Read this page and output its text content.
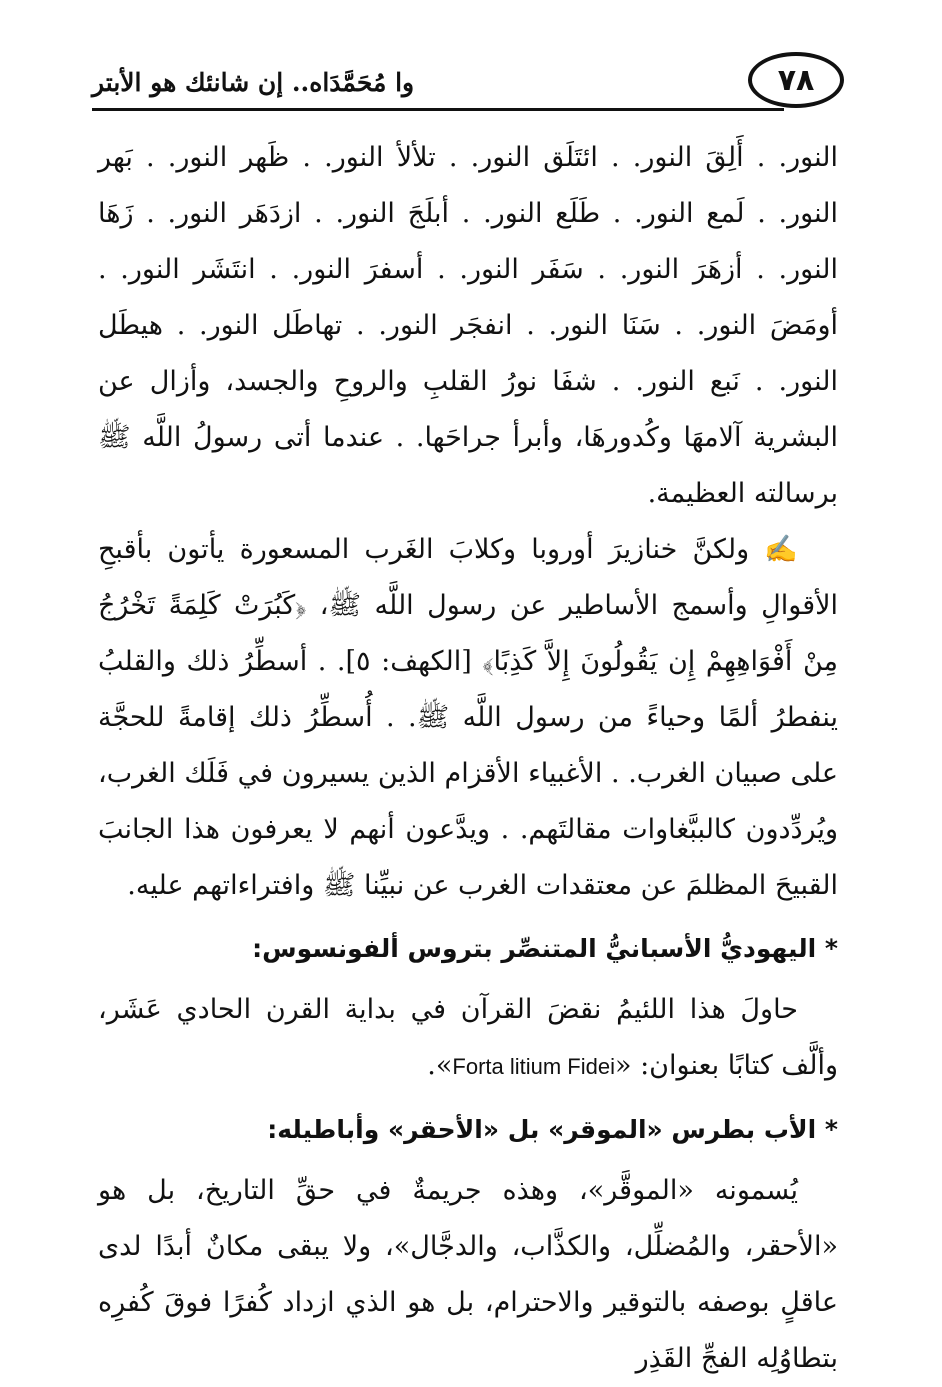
٧٨
وا مُحَمَّدَاه.. إن شانئك هو الأبتر

النور. . أَلِقَ النور. . ائتَلَق النور. . تلألأ النور. . ظَهر النور. . بَهر النور. . لَمع النور. . طَلَع النور. . أبلَجَ النور. . ازدَهَر النور. . زَهَا النور. . أزهَرَ النور. . سَفَر النور. . أسفرَ النور. . انتَشَر النور. . أومَضَ النور. . سَنَا النور. . انفجَر النور. . تهاطَل النور. . هيطَل النور. . نَبع النور. . شفَا نورُ القلبِ والروحِ والجسد، وأزال عن البشرية آلامهَا وكُدورهَا، وأبرأ جراحَها. . عندما أتى رسولُ اللَّه ﷺ برسالته العظيمة.

✍ ولكنَّ خنازيرَ أوروبا وكلابَ الغَرب المسعورة يأتون بأقبحِ الأقوالِ وأسمج الأساطير عن رسول اللَّه ﷺ، ﴿كَبُرَتْ كَلِمَةً تَخْرُجُ مِنْ أَفْوَاهِهِمْ إِن يَقُولُونَ إِلاَّ كَذِبًا﴾ [الكهف: ٥]. . أسطِّرُ ذلك والقلبُ ينفطرُ ألمًا وحياءً من رسول اللَّه ﷺ. . أُسطِّرُ ذلك إقامةً للحجَّة على صبيان الغرب. . الأغبياء الأقزام الذين يسيرون في فَلَك الغرب، ويُردِّدون كالببَّغاوات مقالتَهم. . ويدَّعون أنهم لا يعرفون هذا الجانبَ القبيحَ المظلمَ عن معتقدات الغرب عن نبيِّنا ﷺ وافتراءاتهم عليه.

* اليهوديُّ الأسبانيُّ المتنصِّر بتروس ألفونسوس:

حاولَ هذا اللئيمُ نقضَ القرآن في بداية القرن الحادي عَشَر، وألَّف كتابًا بعنوان: «Forta litium Fidei».

* الأب بطرس «الموقر» بل «الأحقر» وأباطيله:

يُسمونه «الموقَّر»، وهذه جريمةٌ في حقِّ التاريخ، بل هو «الأحقر، والمُضلِّل، والكذَّاب، والدجَّال»، ولا يبقى مكانٌ أبدًا لدى عاقلٍ بوصفه بالتوقير والاحترام، بل هو الذي ازداد كُفرًا فوقَ كُفرِه بتطاوُلِه الفجِّ القَذِر
